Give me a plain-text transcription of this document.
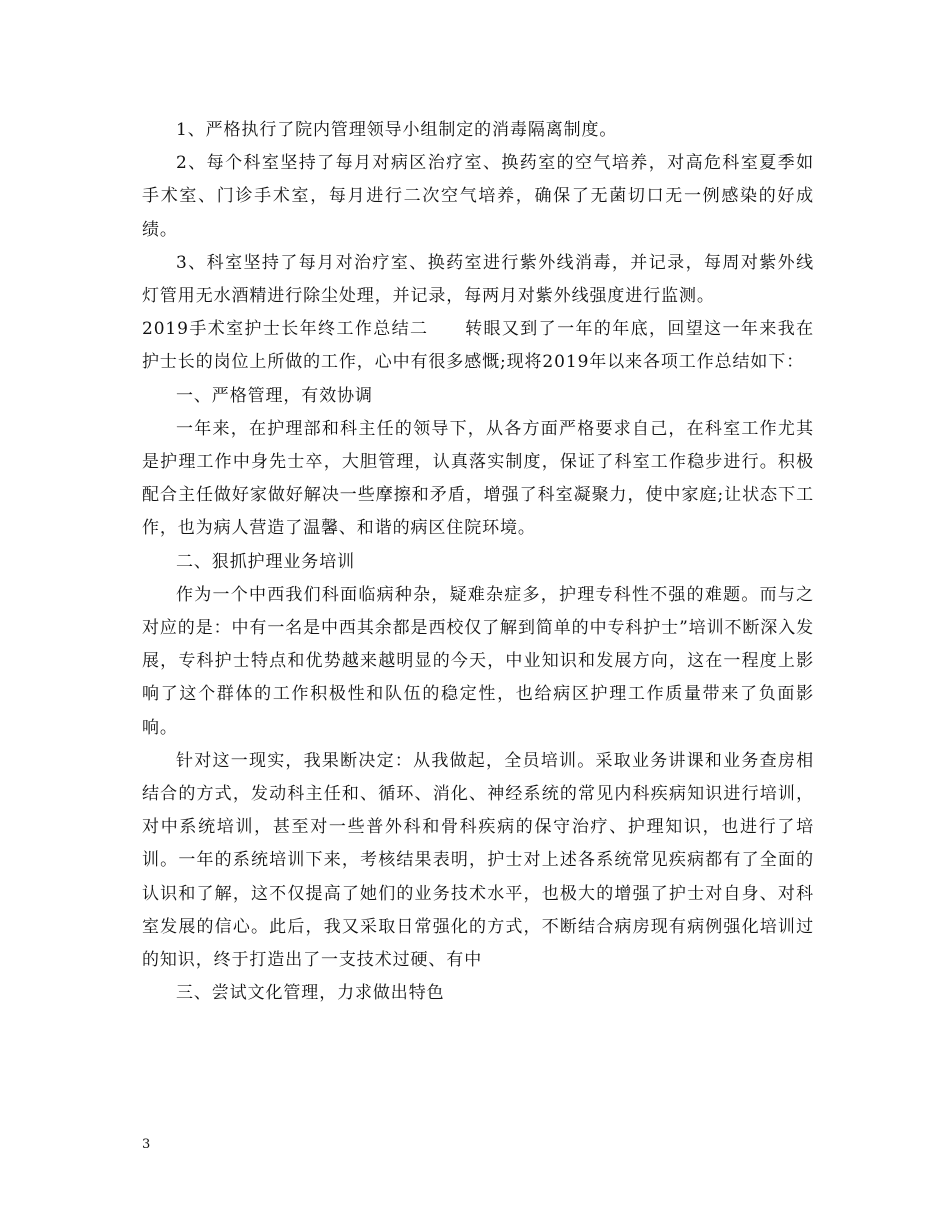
1、严格执行了院内管理领导小组制定的消毒隔离制度。

2、每个科室坚持了每月对病区治疗室、换药室的空气培养，对高危科室夏季如手术室、门诊手术室，每月进行二次空气培养，确保了无菌切口无一例感染的好成绩。

3、科室坚持了每月对治疗室、换药室进行紫外线消毒，并记录，每周对紫外线灯管用无水酒精进行除尘处理，并记录，每两月对紫外线强度进行监测。

2019手术室护士长年终工作总结二　　转眼又到了一年的年底，回望这一年来我在护士长的岗位上所做的工作，心中有很多感慨;现将2019年以来各项工作总结如下：

一、严格管理，有效协调

一年来，在护理部和科主任的领导下，从各方面严格要求自己，在科室工作尤其是护理工作中身先士卒，大胆管理，认真落实制度，保证了科室工作稳步进行。积极配合主任做好家做好解决一些摩擦和矛盾，增强了科室凝聚力，使中家庭;让状态下工作，也为病人营造了温馨、和谐的病区住院环境。

二、狠抓护理业务培训

作为一个中西我们科面临病种杂，疑难杂症多，护理专科性不强的难题。而与之对应的是：中有一名是中西其余都是西校仅了解到简单的中专科护士”培训不断深入发展，专科护士特点和优势越来越明显的今天，中业知识和发展方向，这在一程度上影响了这个群体的工作积极性和队伍的稳定性，也给病区护理工作质量带来了负面影响。

针对这一现实，我果断决定：从我做起，全员培训。采取业务讲课和业务查房相结合的方式，发动科主任和、循环、消化、神经系统的常见内科疾病知识进行培训，对中系统培训，甚至对一些普外科和骨科疾病的保守治疗、护理知识，也进行了培训。一年的系统培训下来，考核结果表明，护士对上述各系统常见疾病都有了全面的认识和了解，这不仅提高了她们的业务技术水平，也极大的增强了护士对自身、对科室发展的信心。此后，我又采取日常强化的方式，不断结合病房现有病例强化培训过的知识，终于打造出了一支技术过硬、有中

三、尝试文化管理，力求做出特色

3
